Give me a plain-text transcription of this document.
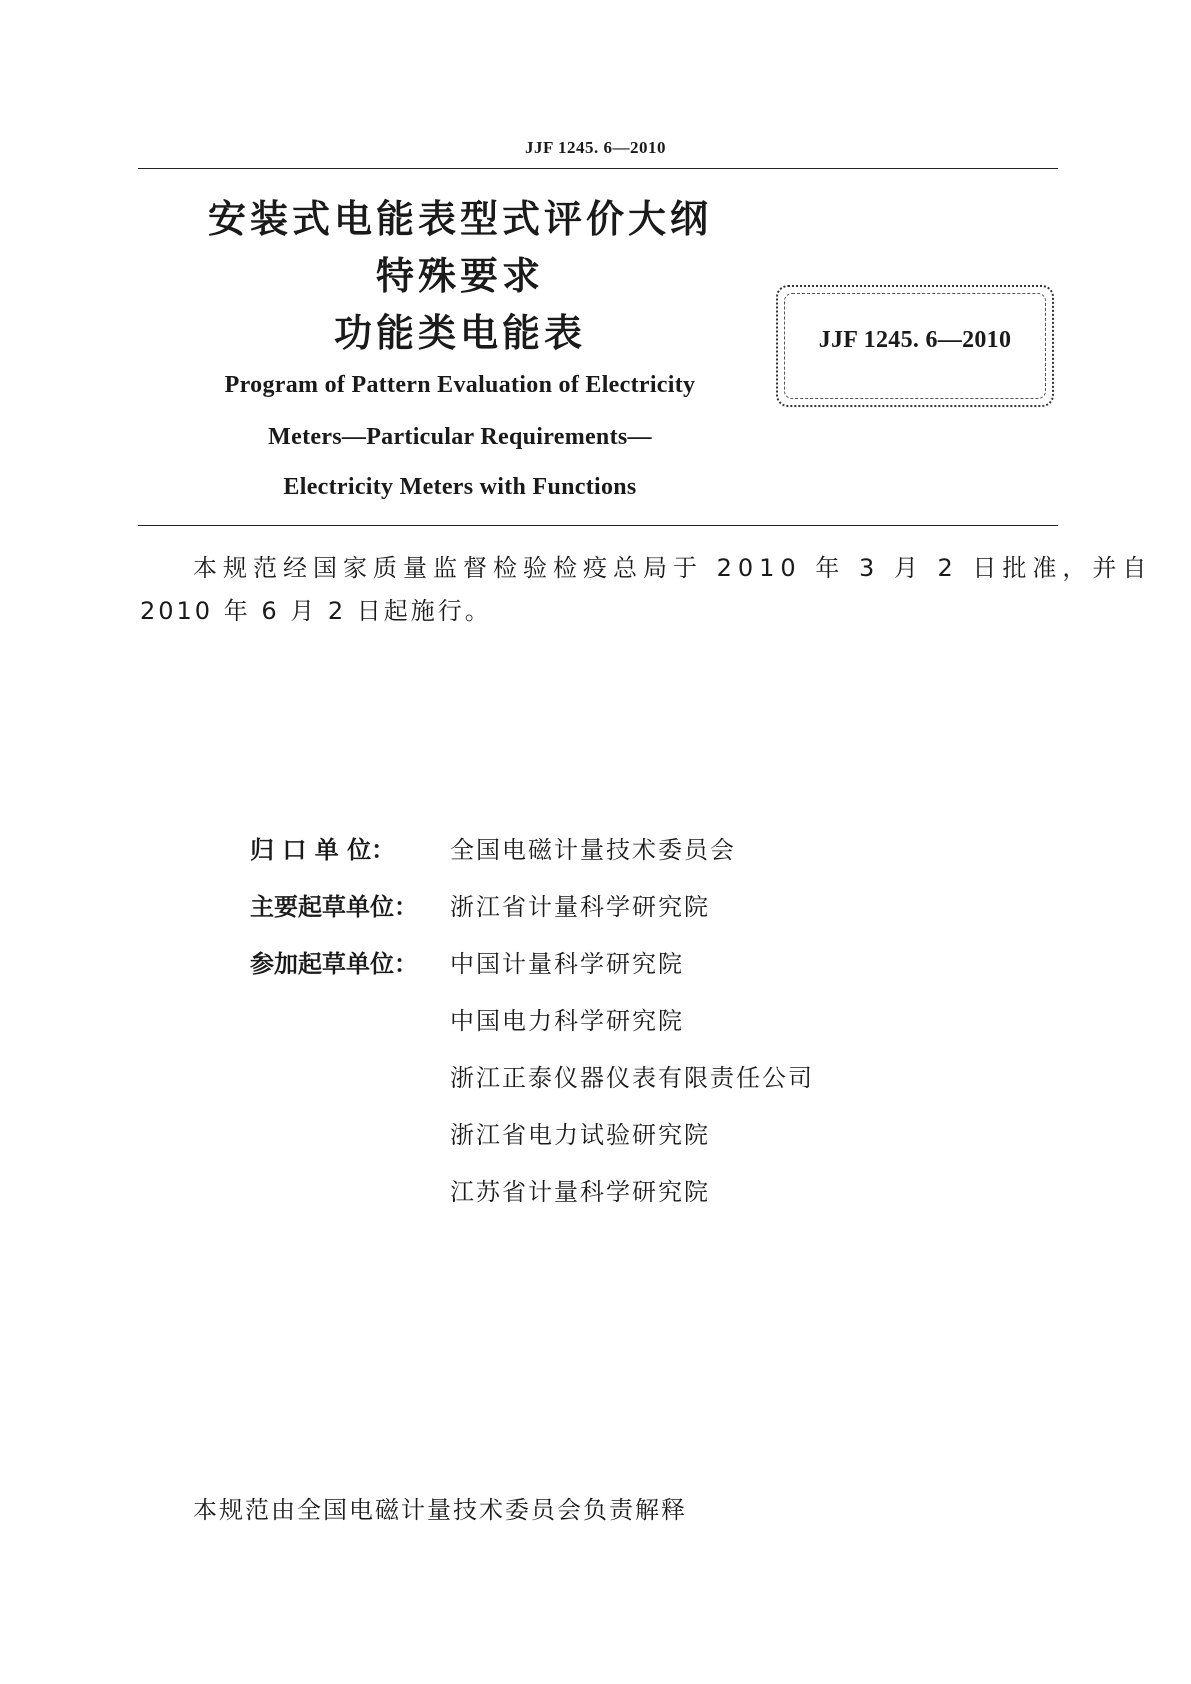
JJF 1245. 6—2010
安装式电能表型式评价大纲
特殊要求
功能类电能表	JJF 1245. 6—2010
Program of Pattern Evaluation of Electricity
Meters—Particular Requirements—
Electricity Meters with Functions
本规范经国家质量监督检验检疫总局于 2010 年 3 月 2 日批准，并自
2010 年 6 月 2 日起施行。
归 口 单 位： 全国电磁计量技术委员会
主要起草单位： 浙江省计量科学研究院
参加起草单位： 中国计量科学研究院
中国电力科学研究院
浙江正泰仪器仪表有限责任公司
浙江省电力试验研究院
江苏省计量科学研究院
本规范由全国电磁计量技术委员会负责解释
